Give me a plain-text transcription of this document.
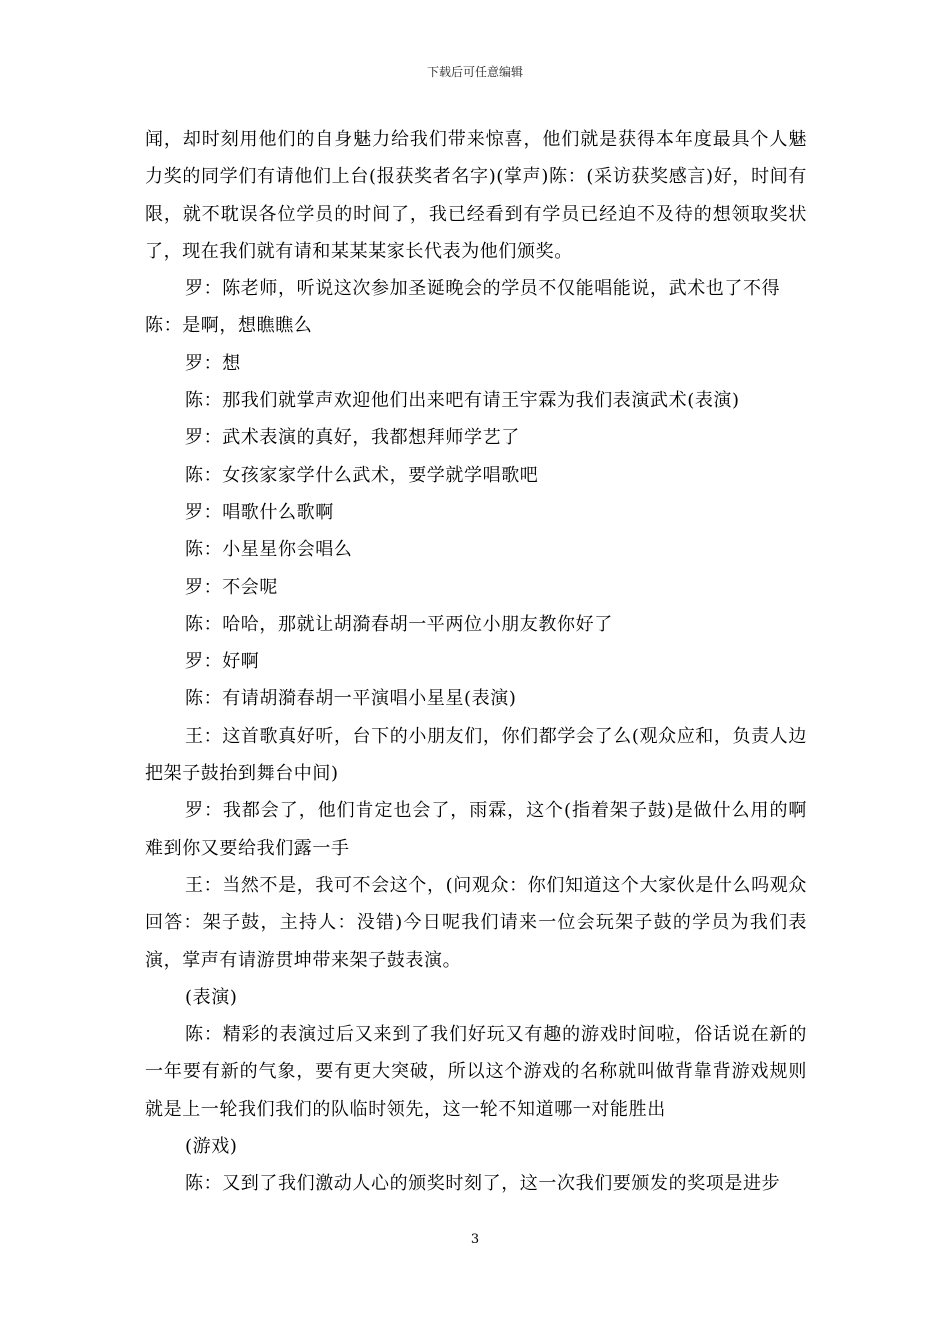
下载后可任意编辑

闻，却时刻用他们的自身魅力给我们带来惊喜，他们就是获得本年度最具个人魅力奖的同学们有请他们上台(报获奖者名字)(掌声)陈：(采访获奖感言)好，时间有限，就不耽误各位学员的时间了，我已经看到有学员已经迫不及待的想领取奖状了，现在我们就有请和某某某家长代表为他们颁奖。

罗：陈老师，听说这次参加圣诞晚会的学员不仅能唱能说，武术也了不得

陈：是啊，想瞧瞧么

罗：想

陈：那我们就掌声欢迎他们出来吧有请王宇霖为我们表演武术(表演)

罗：武术表演的真好，我都想拜师学艺了

陈：女孩家家学什么武术，要学就学唱歌吧

罗：唱歌什么歌啊

陈：小星星你会唱么

罗：不会呢

陈：哈哈，那就让胡漪春胡一平两位小朋友教你好了

罗：好啊

陈：有请胡漪春胡一平演唱小星星(表演)

王：这首歌真好听，台下的小朋友们，你们都学会了么(观众应和，负责人边把架子鼓抬到舞台中间)

罗：我都会了，他们肯定也会了，雨霖，这个(指着架子鼓)是做什么用的啊难到你又要给我们露一手

王：当然不是，我可不会这个，(问观众：你们知道这个大家伙是什么吗观众回答：架子鼓，主持人：没错)今日呢我们请来一位会玩架子鼓的学员为我们表演，掌声有请游贯坤带来架子鼓表演。

(表演)

陈：精彩的表演过后又来到了我们好玩又有趣的游戏时间啦，俗话说在新的一年要有新的气象，要有更大突破，所以这个游戏的名称就叫做背靠背游戏规则就是上一轮我们我们的队临时领先，这一轮不知道哪一对能胜出

(游戏)

陈：又到了我们激动人心的颁奖时刻了，这一次我们要颁发的奖项是进步

3
